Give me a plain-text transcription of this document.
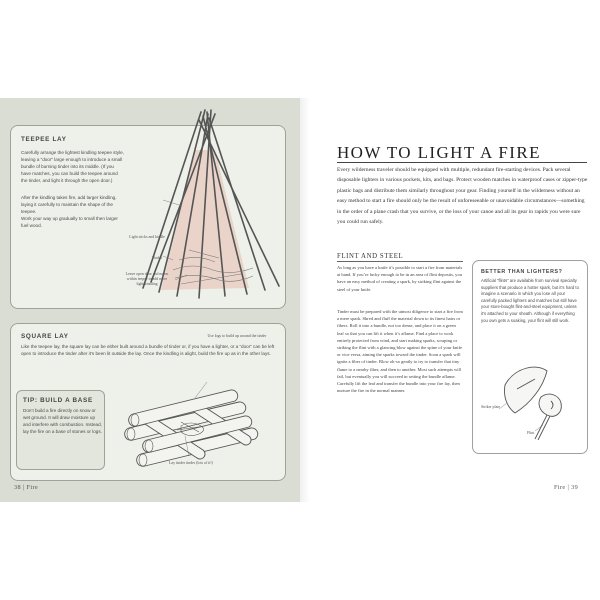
TEEPEE LAY
Carefully arrange the lightest kindling teepee style, leaving a “door” large enough to introduce a small bundle of burning tinder into its middle. (If you have matches, you can build the teepee around the tinder, and light it through the open door.)
After the kindling takes fire, add larger kindling, laying it carefully to maintain the shape of the teepee.
Work your way up gradually to small then larger fuel wood.
Light sticks and kindle
Tinder
Leave open door and moon within teepee to add more light kindling
SQUARE LAY
Like the teepee lay, the square lay can be either built around a bundle of tinder or, if you have a lighter, or a “door” can be left open to introduce the tinder after it’s been lit outside the lay. Once the kindling is alight, build the fire up as in the other lays.
TIP: BUILD A BASE
Don’t build a fire directly on snow or wet ground. It will draw moisture up and interfere with combustion. Instead, lay the fire on a base of stones or logs.
Use logs to build up around the tinder
Lay tinder tinder (lots of it!)
38 | Fire
HOW TO LIGHT A FIRE
Every wilderness traveler should be equipped with multiple, redundant fire-starting devices. Pack several disposable lighters in various pockets, kits, and bags. Protect wooden matches in waterproof cases or zipper-type plastic bags and distribute them similarly throughout your gear. Finding yourself in the wilderness without an easy method to start a fire should only be the result of unforeseeable or unavoidable circumstances—something in the order of a plane crash that you survive, or the loss of your canoe and all its gear in rapids you were sure you could run safely.
FLINT AND STEEL
As long as you have a knife it’s possible to start a fire from materials at hand. If you’re lucky enough to be in an area of flint deposits, you have an easy method of creating a spark, by striking flint against the steel of your knife.
Tinder must be prepared with the utmost diligence to start a fire from a mere spark. Shred and fluff the material down to its finest hairs or fibers. Roll it into a bundle, not too dense, and place it on a green leaf so that you can lift it when it’s aflame. Find a place to work entirely protected from wind, and start making sparks, scraping or striking the flint with a glancing blow against the spine of your knife or vice versa, aiming the sparks toward the tinder. Soon a spark will ignite a fiber of tinder. Blow oh-so gently to try to transfer that tiny flame to a nearby fiber, and then to another. Most such attempts will fail, but eventually you will succeed in setting the bundle aflame. Carefully lift the leaf and transfer the bundle into your fire lay, then nurture the fire in the normal manner.
BETTER THAN LIGHTERS?
Artificial “flints” are available from survival specialty suppliers that produce a hotter spark, but it’s hard to imagine a scenario in which you lose all your carefully packed lighters and matches but still have your store-bought flint-and-steel equipment, unless it’s attached to your sheath. Although if everything you own gets a soaking, your flint will still work.
Striker plate
Flint
Fire | 39
